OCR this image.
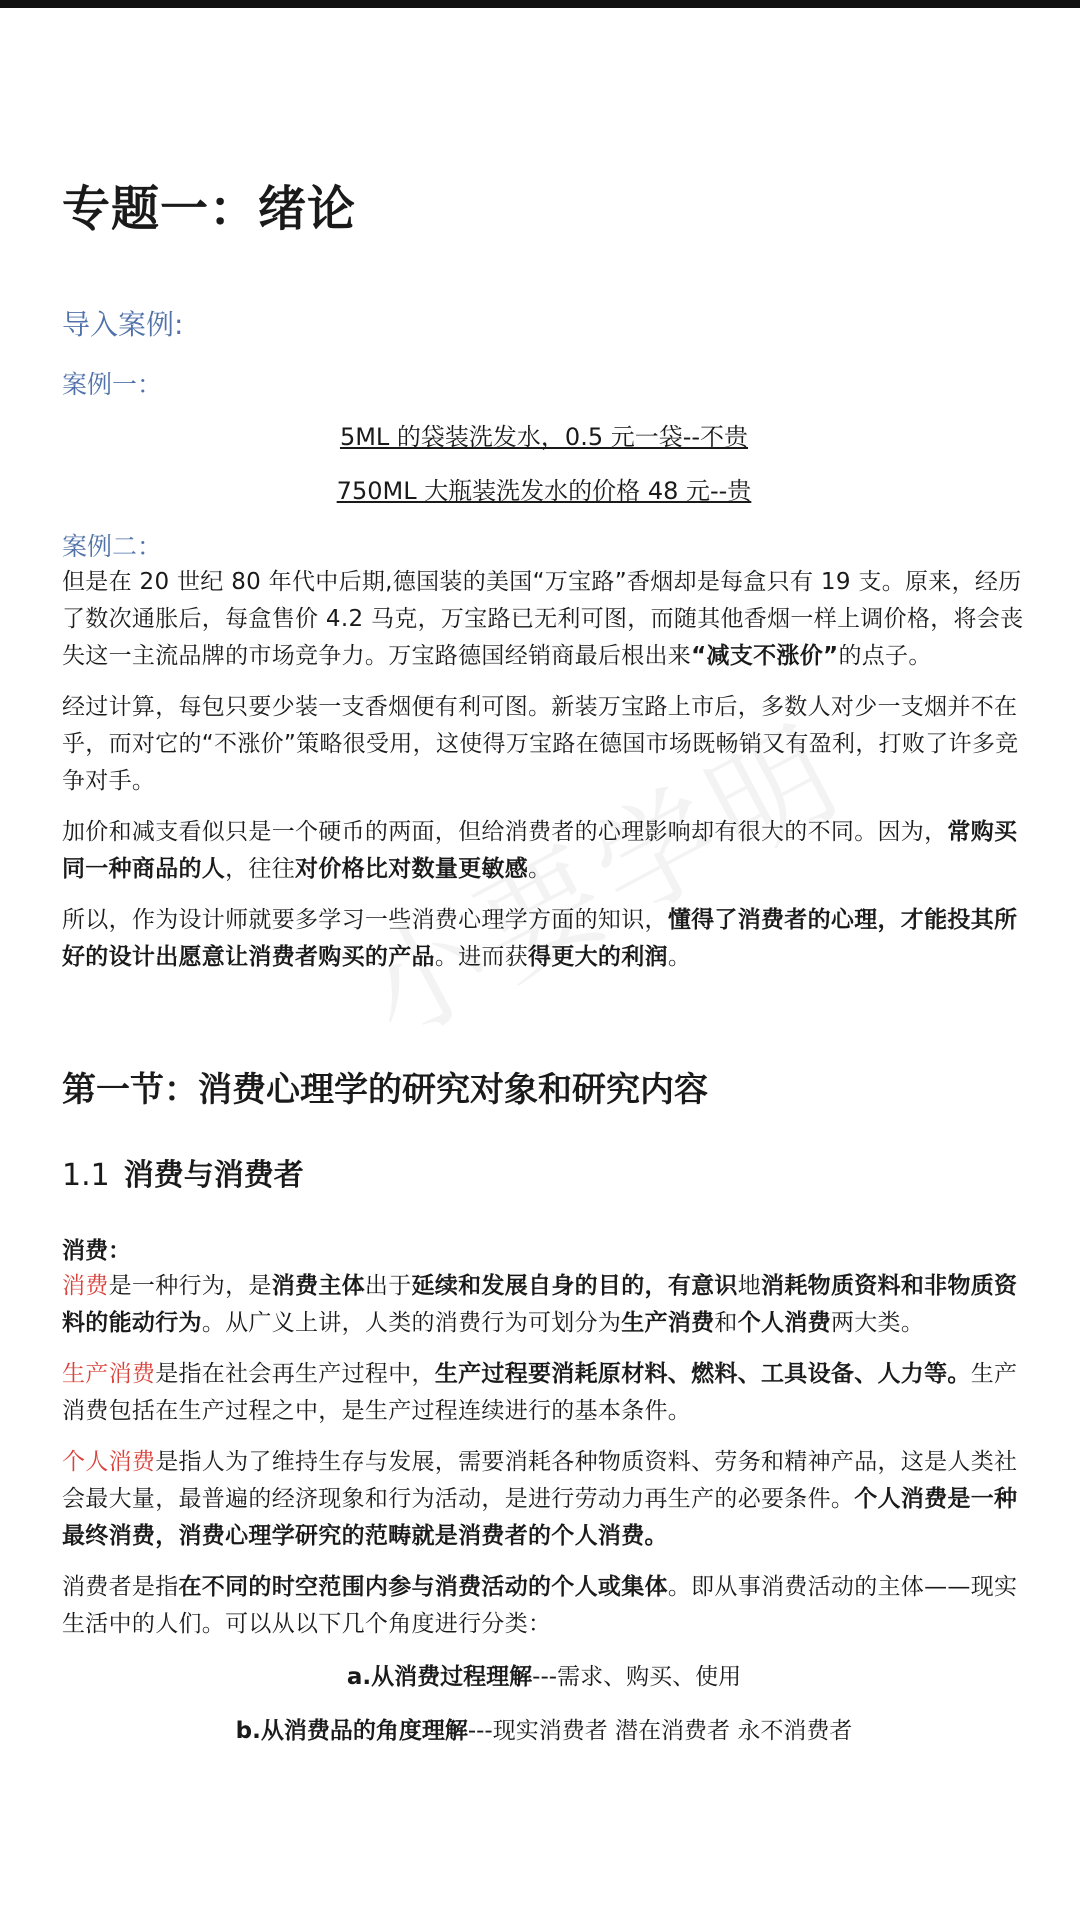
专题一：绪论
导入案例:
案例一：
5ML 的袋装洗发水，0.5 元一袋--不贵
750ML 大瓶装洗发水的价格 48 元--贵
案例二：

但是在 20 世纪 80 年代中后期,德国装的美国“万宝路”香烟却是每盒只有 19 支。原来，经历了数次通胀后，每盒售价 4.2 马克，万宝路已无利可图，而随其他香烟一样上调价格，将会丧失这一主流品牌的市场竞争力。万宝路德国经销商最后根出来“减支不涨价”的点子。

经过计算，每包只要少装一支香烟便有利可图。新装万宝路上市后，多数人对少一支烟并不在乎，而对它的“不涨价”策略很受用，这使得万宝路在德国市场既畅销又有盈利，打败了许多竞争对手。

加价和减支看似只是一个硬币的两面，但给消费者的心理影响却有很大的不同。因为，常购买同一种商品的人，往往对价格比对数量更敏感。

所以，作为设计师就要多学习一些消费心理学方面的知识，懂得了消费者的心理，才能投其所好的设计出愿意让消费者购买的产品。进而获得更大的利润。

第一节：消费心理学的研究对象和研究内容
1.1 消费与消费者
消费：

消费是一种行为，是消费主体出于延续和发展自身的目的，有意识地消耗物质资料和非物质资料的能动行为。从广义上讲，人类的消费行为可划分为生产消费和个人消费两大类。

生产消费是指在社会再生产过程中，生产过程要消耗原材料、燃料、工具设备、人力等。生产消费包括在生产过程之中，是生产过程连续进行的基本条件。

个人消费是指人为了维持生存与发展，需要消耗各种物质资料、劳务和精神产品，这是人类社会最大量，最普遍的经济现象和行为活动，是进行劳动力再生产的必要条件。个人消费是一种最终消费，消费心理学研究的范畴就是消费者的个人消费。

消费者是指在不同的时空范围内参与消费活动的个人或集体。即从事消费活动的主体——现实生活中的人们。可以从以下几个角度进行分类：

a.从消费过程理解---需求、购买、使用
b.从消费品的角度理解---现实消费者 潜在消费者 永不消费者
